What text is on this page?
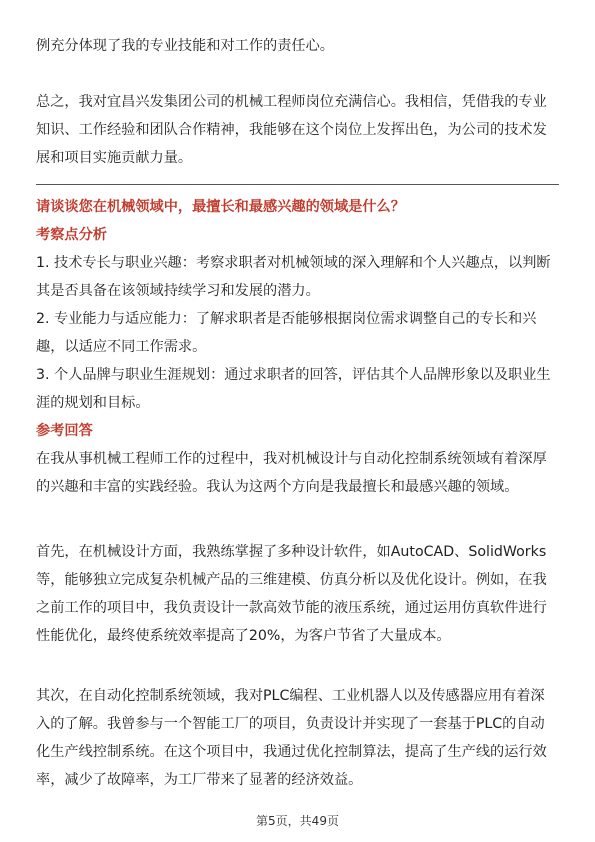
例充分体现了我的专业技能和对工作的责任心。

总之，我对宜昌兴发集团公司的机械工程师岗位充满信心。我相信，凭借我的专业

知识、工作经验和团队合作精神，我能够在这个岗位上发挥出色，为公司的技术发

展和项目实施贡献力量。

请谈谈您在机械领域中，最擅长和最感兴趣的领域是什么？

考察点分析

1. 技术专长与职业兴趣：考察求职者对机械领域的深入理解和个人兴趣点，以判断

其是否具备在该领域持续学习和发展的潜力。

2. 专业能力与适应能力：了解求职者是否能够根据岗位需求调整自己的专长和兴

趣，以适应不同工作需求。

3. 个人品牌与职业生涯规划：通过求职者的回答，评估其个人品牌形象以及职业生

涯的规划和目标。

参考回答

在我从事机械工程师工作的过程中，我对机械设计与自动化控制系统领域有着深厚

的兴趣和丰富的实践经验。我认为这两个方向是我最擅长和最感兴趣的领域。

首先，在机械设计方面，我熟练掌握了多种设计软件，如AutoCAD、SolidWorks

等，能够独立完成复杂机械产品的三维建模、仿真分析以及优化设计。例如，在我

之前工作的项目中，我负责设计一款高效节能的液压系统，通过运用仿真软件进行

性能优化，最终使系统效率提高了20%，为客户节省了大量成本。

其次，在自动化控制系统领域，我对PLC编程、工业机器人以及传感器应用有着深

入的了解。我曾参与一个智能工厂的项目，负责设计并实现了一套基于PLC的自动

化生产线控制系统。在这个项目中，我通过优化控制算法，提高了生产线的运行效

率，减少了故障率，为工厂带来了显著的经济效益。

第5页，共49页
